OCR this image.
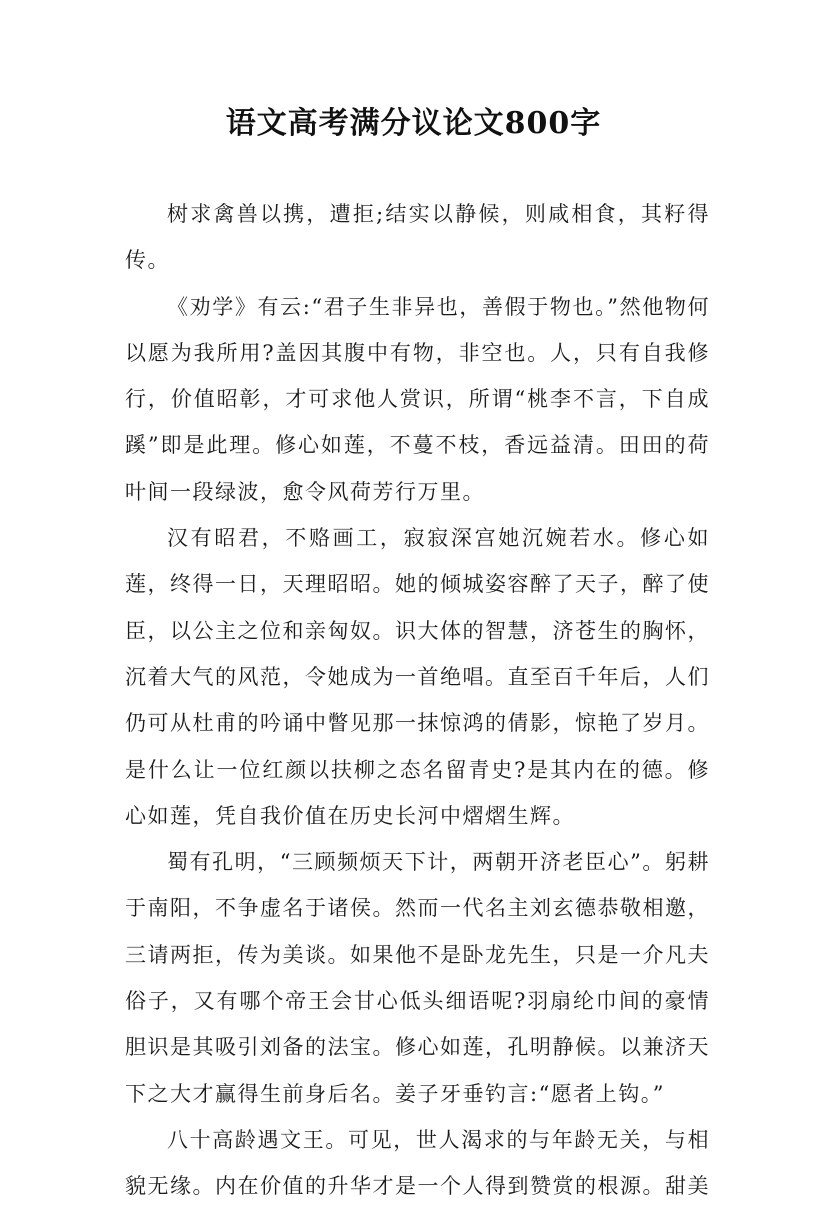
语文高考满分议论文800字

树求禽兽以携，遭拒;结实以静候，则咸相食，其籽得传。

《劝学》有云:“君子生非异也，善假于物也。”然他物何以愿为我所用?盖因其腹中有物，非空也。人，只有自我修行，价值昭彰，才可求他人赏识，所谓“桃李不言，下自成蹊”即是此理。修心如莲，不蔓不枝，香远益清。田田的荷叶间一段绿波，愈令风荷芳行万里。

汉有昭君，不赂画工，寂寂深宫她沉婉若水。修心如莲，终得一日，天理昭昭。她的倾城姿容醉了天子，醉了使臣，以公主之位和亲匈奴。识大体的智慧，济苍生的胸怀，沉着大气的风范，令她成为一首绝唱。直至百千年后，人们仍可从杜甫的吟诵中瞥见那一抹惊鸿的倩影，惊艳了岁月。是什么让一位红颜以扶柳之态名留青史?是其内在的德。修心如莲，凭自我价值在历史长河中熠熠生辉。

蜀有孔明，“三顾频烦天下计，两朝开济老臣心”。躬耕于南阳，不争虚名于诸侯。然而一代名主刘玄德恭敬相邀，三请两拒，传为美谈。如果他不是卧龙先生，只是一介凡夫俗子，又有哪个帝王会甘心低头细语呢?羽扇纶巾间的豪情胆识是其吸引刘备的法宝。修心如莲，孔明静候。以兼济天下之大才赢得生前身后名。姜子牙垂钓言:“愿者上钩。”

八十高龄遇文王。可见，世人渴求的与年龄无关，与相貌无缘。内在价值的升华才是一个人得到赞赏的根源。甜美
